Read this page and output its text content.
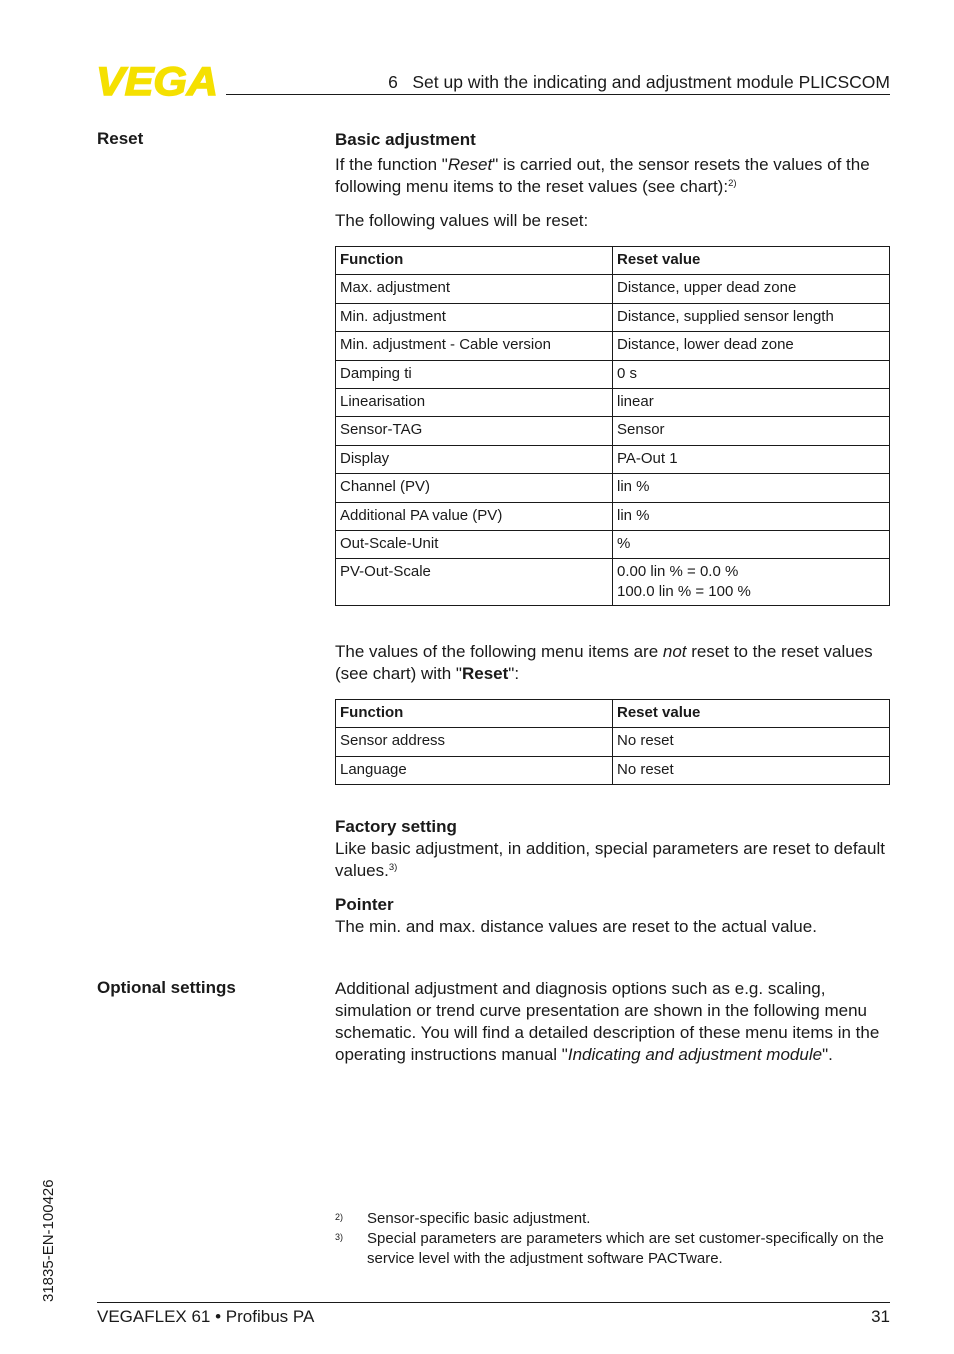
VEGA	6   Set up with the indicating and adjustment module PLICSCOM
Reset	Basic adjustment
If the function "Reset" is carried out, the sensor resets the values of the following menu items to the reset values (see chart):$^{2)}$
The following values will be reset:
Function	Reset value
Max. adjustment	Distance, upper dead zone
Min. adjustment	Distance, supplied sensor length
Min. adjustment - Cable version	Distance, lower dead zone
Damping ti	0 s
Linearisation	linear
Sensor-TAG	Sensor
Display	PA-Out 1
Channel (PV)	lin %
Additional PA value (PV)	lin %
Out-Scale-Unit	%
PV-Out-Scale	0.00 lin % = 0.0 %
100.0 lin % = 100 %
The values of the following menu items are not reset to the reset values (see chart) with "Reset":
Function	Reset value
Sensor address	No reset
Language	No reset
Factory setting
Like basic adjustment, in addition, special parameters are reset to default values.$^{3)}$
Pointer
The min. and max. distance values are reset to the actual value.
Optional settings	Additional adjustment and diagnosis options such as e.g. scaling, simulation or trend curve presentation are shown in the following menu schematic. You will find a detailed description of these menu items in the operating instructions manual "Indicating and adjustment module".
2) Sensor-specific basic adjustment.
3) Special parameters are parameters which are set customer-specifically on the service level with the adjustment software PACTware.
31835-EN-100426
VEGAFLEX 61 • Profibus PA	31
